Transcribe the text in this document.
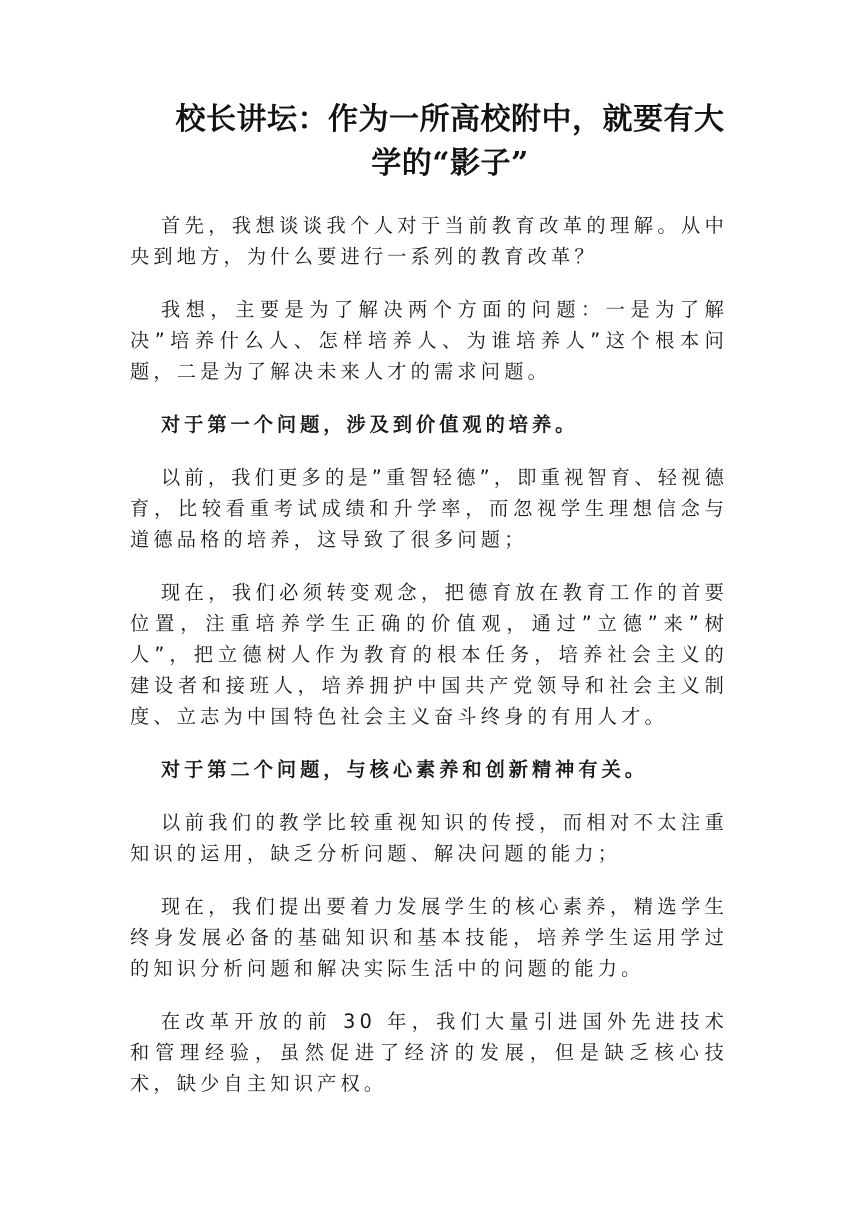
校长讲坛：作为一所高校附中，就要有大学的“影子”

首先，我想谈谈我个人对于当前教育改革的理解。从中央到地方，为什么要进行一系列的教育改革？

我想，主要是为了解决两个方面的问题：一是为了解决”培养什么人、怎样培养人、为谁培养人”这个根本问题，二是为了解决未来人才的需求问题。

对于第一个问题，涉及到价值观的培养。

以前，我们更多的是”重智轻德”，即重视智育、轻视德育，比较看重考试成绩和升学率，而忽视学生理想信念与道德品格的培养，这导致了很多问题；

现在，我们必须转变观念，把德育放在教育工作的首要位置，注重培养学生正确的价值观，通过”立德”来”树人”，把立德树人作为教育的根本任务，培养社会主义的建设者和接班人，培养拥护中国共产党领导和社会主义制度、立志为中国特色社会主义奋斗终身的有用人才。

对于第二个问题，与核心素养和创新精神有关。

以前我们的教学比较重视知识的传授，而相对不太注重知识的运用，缺乏分析问题、解决问题的能力；

现在，我们提出要着力发展学生的核心素养，精选学生终身发展必备的基础知识和基本技能，培养学生运用学过的知识分析问题和解决实际生活中的问题的能力。

在改革开放的前 30 年，我们大量引进国外先进技术和管理经验，虽然促进了经济的发展，但是缺乏核心技术，缺少自主知识产权。
